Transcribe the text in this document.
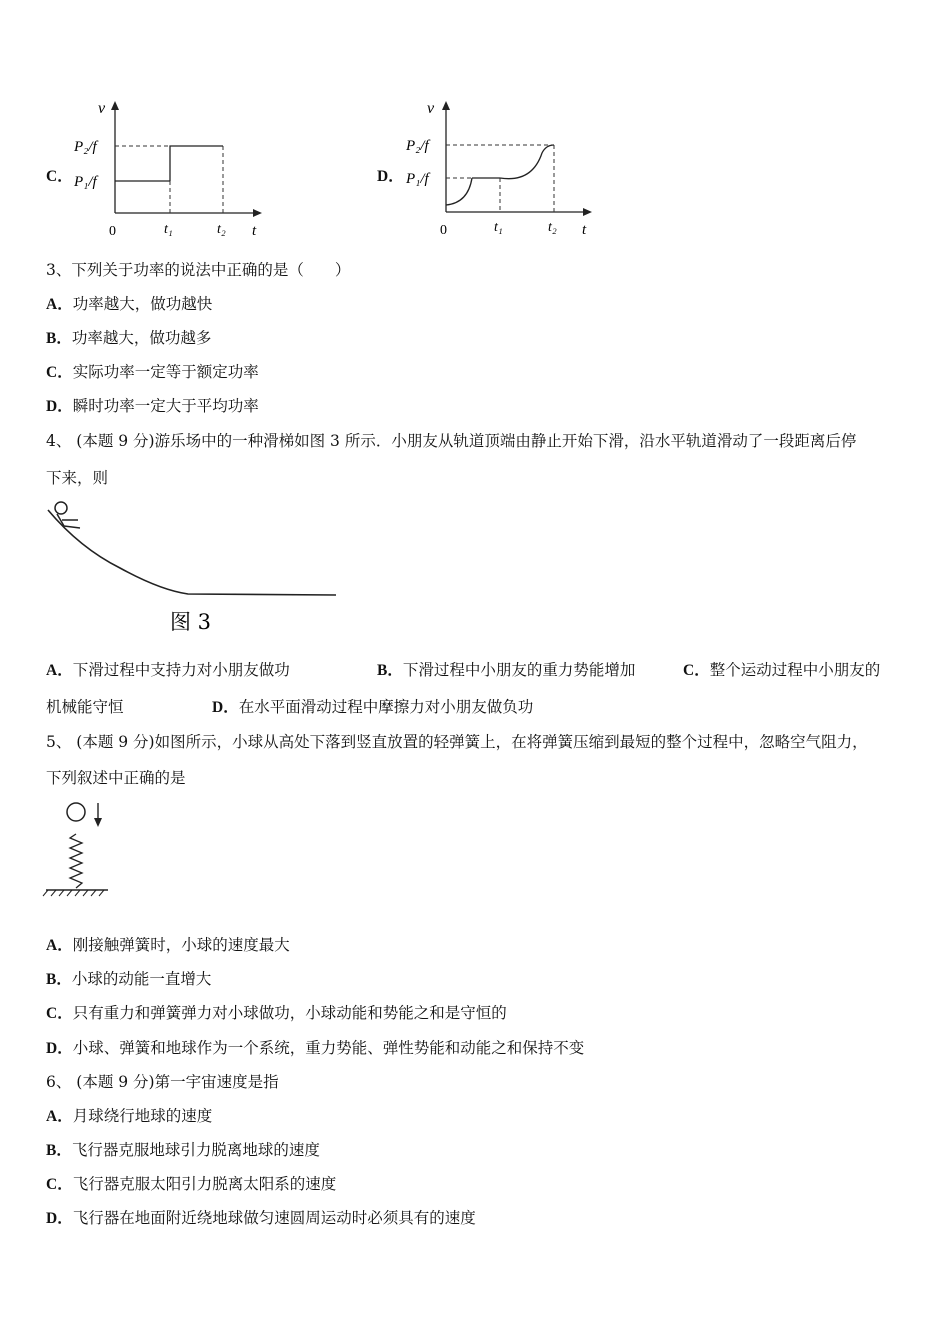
C．
v
t
0
P₂/f
P₁/f
t₁	t₂
D．
v
t
0
P₂/f
P₁/f
t₁	t₂
3、下列关于功率的说法中正确的是（　　）
A．功率越大，做功越快
B．功率越大，做功越多
C．实际功率一定等于额定功率
D．瞬时功率一定大于平均功率
4、 (本题 9 分)游乐场中的一种滑梯如图 3 所示．小朋友从轨道顶端由静止开始下滑，沿水平轨道滑动了一段距离后停
下来，则
图 3
A．下滑过程中支持力对小朋友做功	B．下滑过程中小朋友的重力势能增加	C．整个运动过程中小朋友的
机械能守恒	D．在水平面滑动过程中摩擦力对小朋友做负功
5、 (本题 9 分)如图所示，小球从高处下落到竖直放置的轻弹簧上，在将弹簧压缩到最短的整个过程中，忽略空气阻力，
下列叙述中正确的是
A．刚接触弹簧时，小球的速度最大
B．小球的动能一直增大
C．只有重力和弹簧弹力对小球做功，小球动能和势能之和是守恒的
D．小球、弹簧和地球作为一个系统，重力势能、弹性势能和动能之和保持不变
6、 (本题 9 分)第一宇宙速度是指
A．月球绕行地球的速度
B．飞行器克服地球引力脱离地球的速度
C．飞行器克服太阳引力脱离太阳系的速度
D．飞行器在地面附近绕地球做匀速圆周运动时必须具有的速度
